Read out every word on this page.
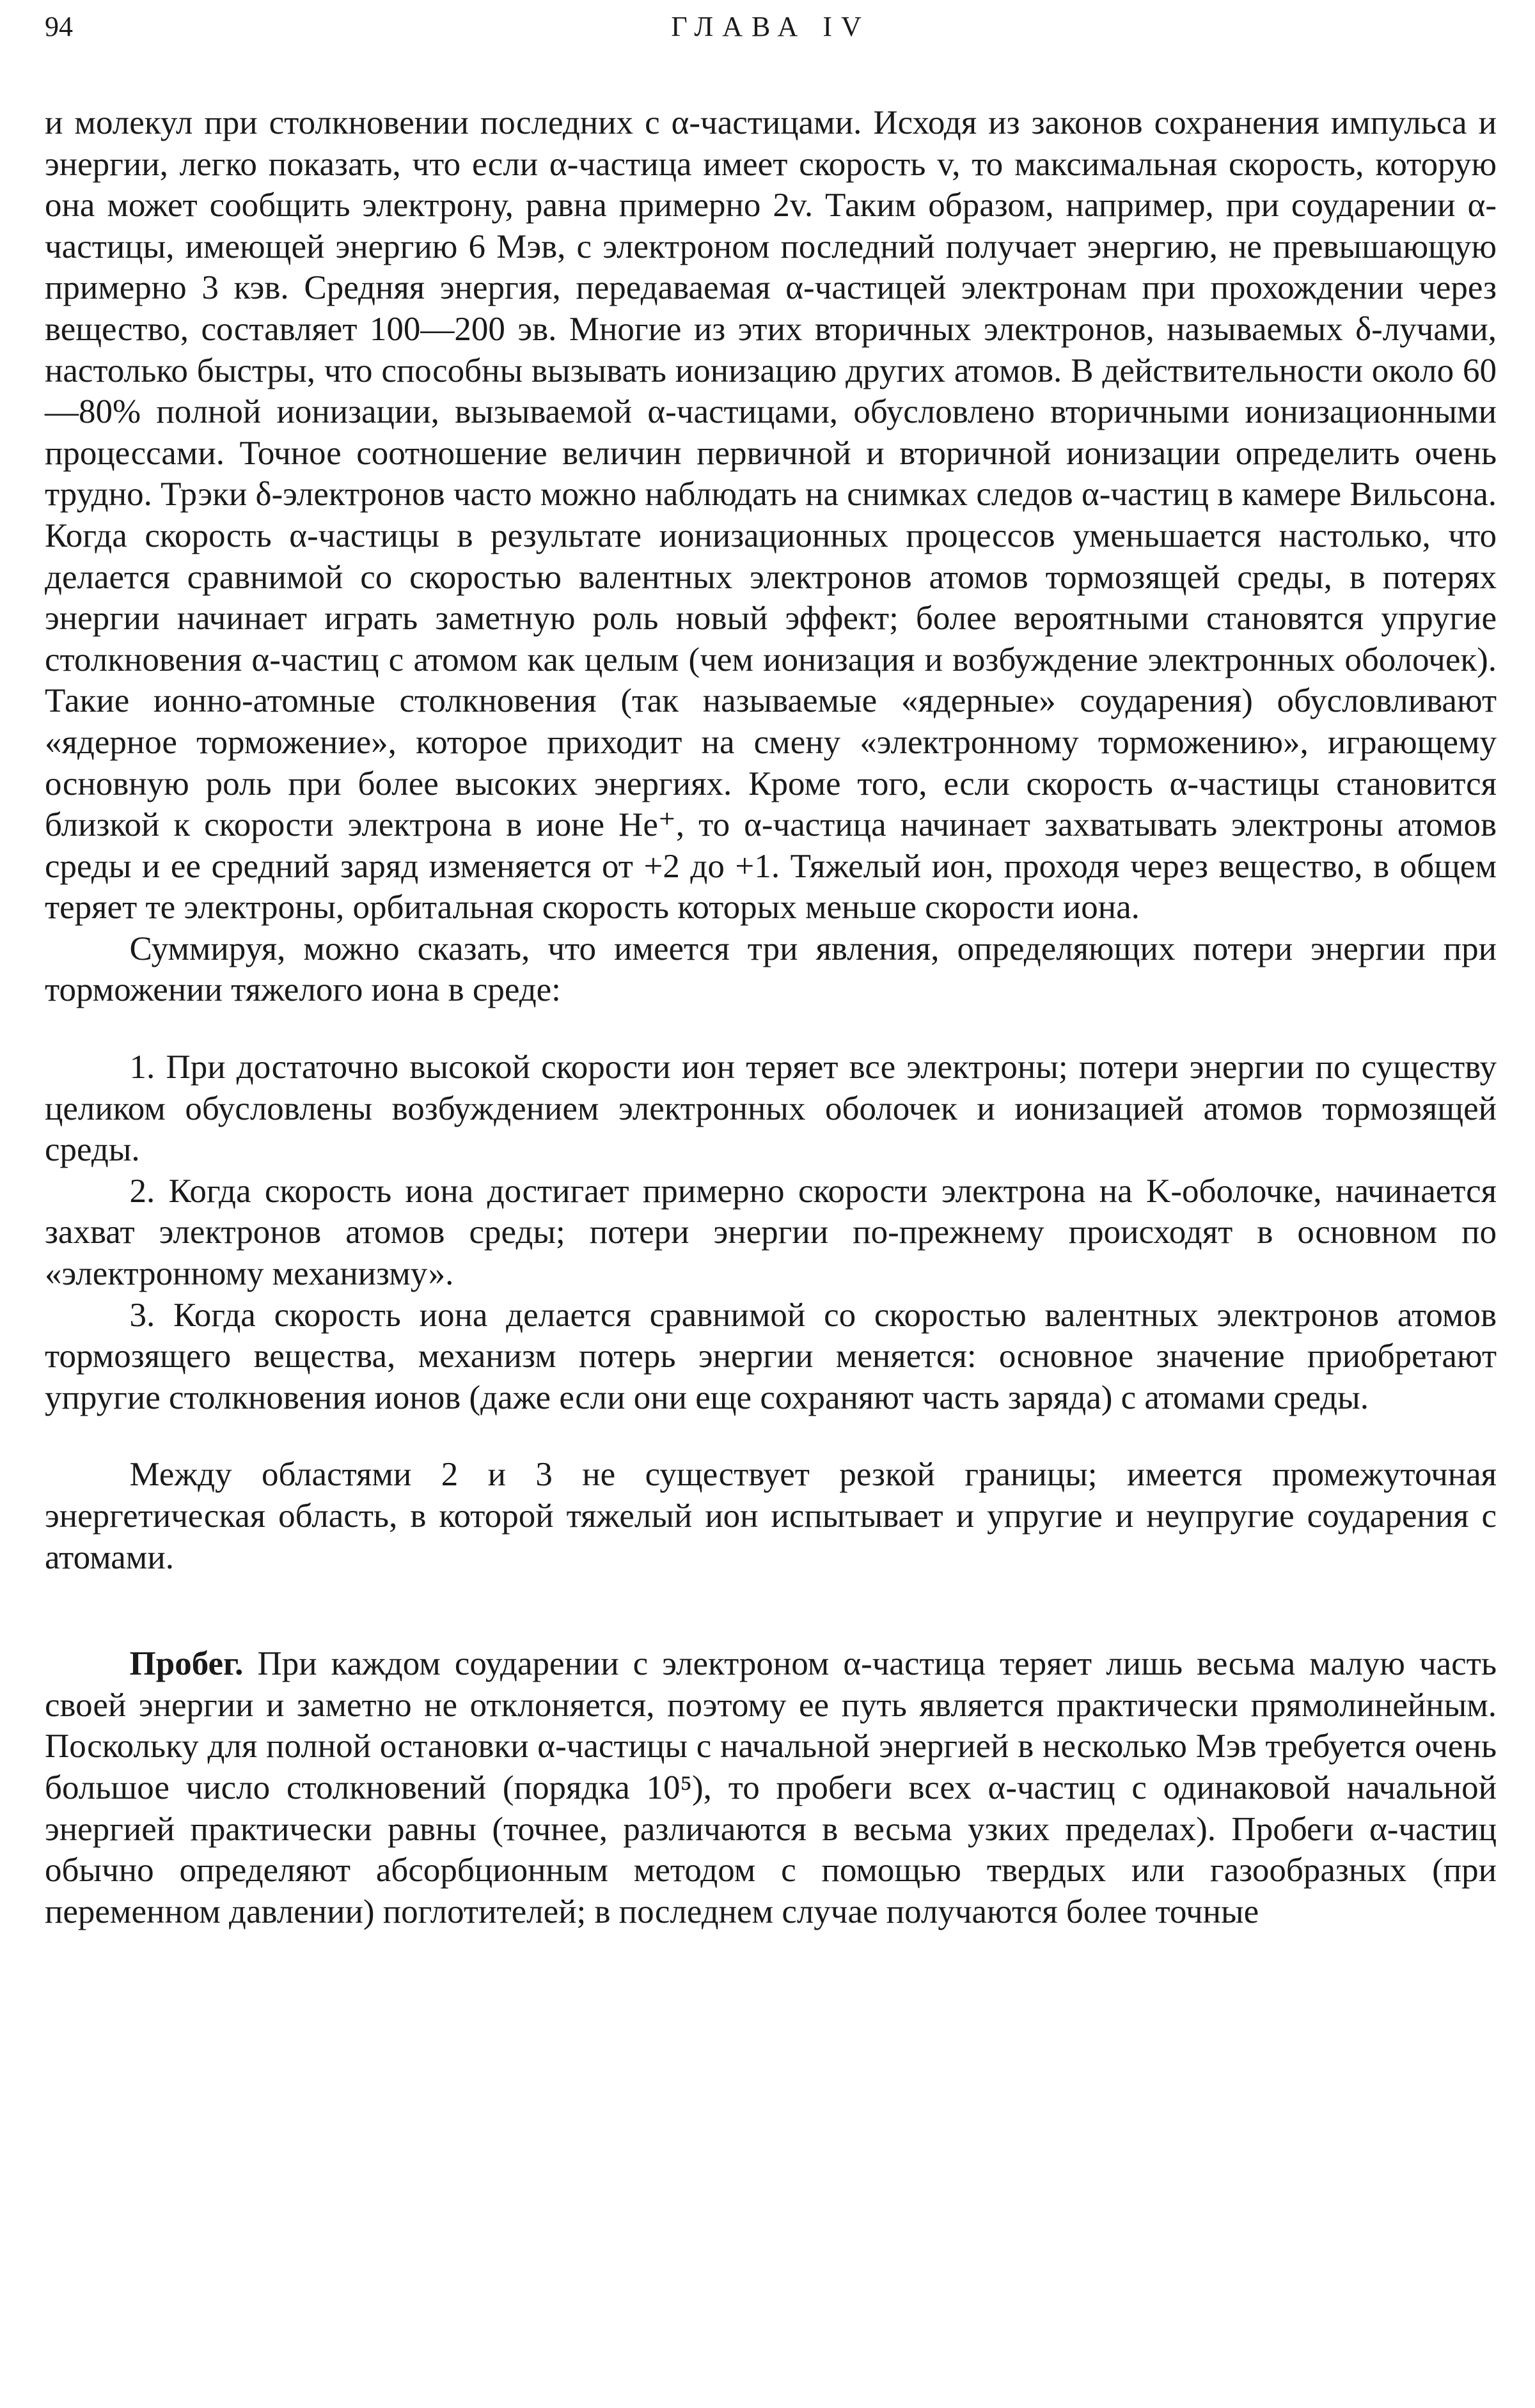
94	ГЛАВА IV

и молекул при столкновении последних с α-частицами. Исходя из законов сохранения импульса и энергии, легко показать, что если α-частица имеет скорость v, то максимальная скорость, которую она может сообщить электрону, равна примерно 2v. Таким образом, например, при соударении α-частицы, имеющей энергию 6 Мэв, с электроном последний получает энергию, не превышающую примерно 3 кэв. Средняя энергия, передаваемая α-частицей электронам при прохождении через вещество, составляет 100—200 эв. Многие из этих вторичных электронов, называемых δ-лучами, настолько быстры, что способны вызывать ионизацию других атомов. В действительности около 60—80% полной ионизации, вызываемой α-частицами, обусловлено вторичными ионизационными процессами. Точное соотношение величин первичной и вторичной ионизации определить очень трудно. Трэки δ-электронов часто можно наблюдать на снимках следов α-частиц в камере Вильсона. Когда скорость α-частицы в результате ионизационных процессов уменьшается настолько, что делается сравнимой со скоростью валентных электронов атомов тормозящей среды, в потерях энергии начинает играть заметную роль новый эффект; более вероятными становятся упругие столкновения α-частиц с атомом как целым (чем ионизация и возбуждение электронных оболочек). Такие ионно-атомные столкновения (так называемые «ядерные» соударения) обусловливают «ядерное торможение», которое приходит на смену «электронному торможению», играющему основную роль при более высоких энергиях. Кроме того, если скорость α-частицы становится близкой к скорости электрона в ионе He⁺, то α-частица начинает захватывать электроны атомов среды и ее средний заряд изменяется от +2 до +1. Тяжелый ион, проходя через вещество, в общем теряет те электроны, орбитальная скорость которых меньше скорости иона.

Суммируя, можно сказать, что имеется три явления, определяющих потери энергии при торможении тяжелого иона в среде:

1. При достаточно высокой скорости ион теряет все электроны; потери энергии по существу целиком обусловлены возбуждением электронных оболочек и ионизацией атомов тормозящей среды.

2. Когда скорость иона достигает примерно скорости электрона на K-оболочке, начинается захват электронов атомов среды; потери энергии по-прежнему происходят в основном по «электронному механизму».

3. Когда скорость иона делается сравнимой со скоростью валентных электронов атомов тормозящего вещества, механизм потерь энергии меняется: основное значение приобретают упругие столкновения ионов (даже если они еще сохраняют часть заряда) с атомами среды.

Между областями 2 и 3 не существует резкой границы; имеется промежуточная энергетическая область, в которой тяжелый ион испытывает и упругие и неупругие соударения с атомами.

Пробег. При каждом соударении с электроном α-частица теряет лишь весьма малую часть своей энергии и заметно не отклоняется, поэтому ее путь является практически прямолинейным. Поскольку для полной остановки α-частицы с начальной энергией в несколько Мэв требуется очень большое число столкновений (порядка 10⁵), то пробеги всех α-частиц с одинаковой начальной энергией практически равны (точнее, различаются в весьма узких пределах). Пробеги α-частиц обычно определяют абсорбционным методом с помощью твердых или газообразных (при переменном давлении) поглотителей; в последнем случае получаются более точные
